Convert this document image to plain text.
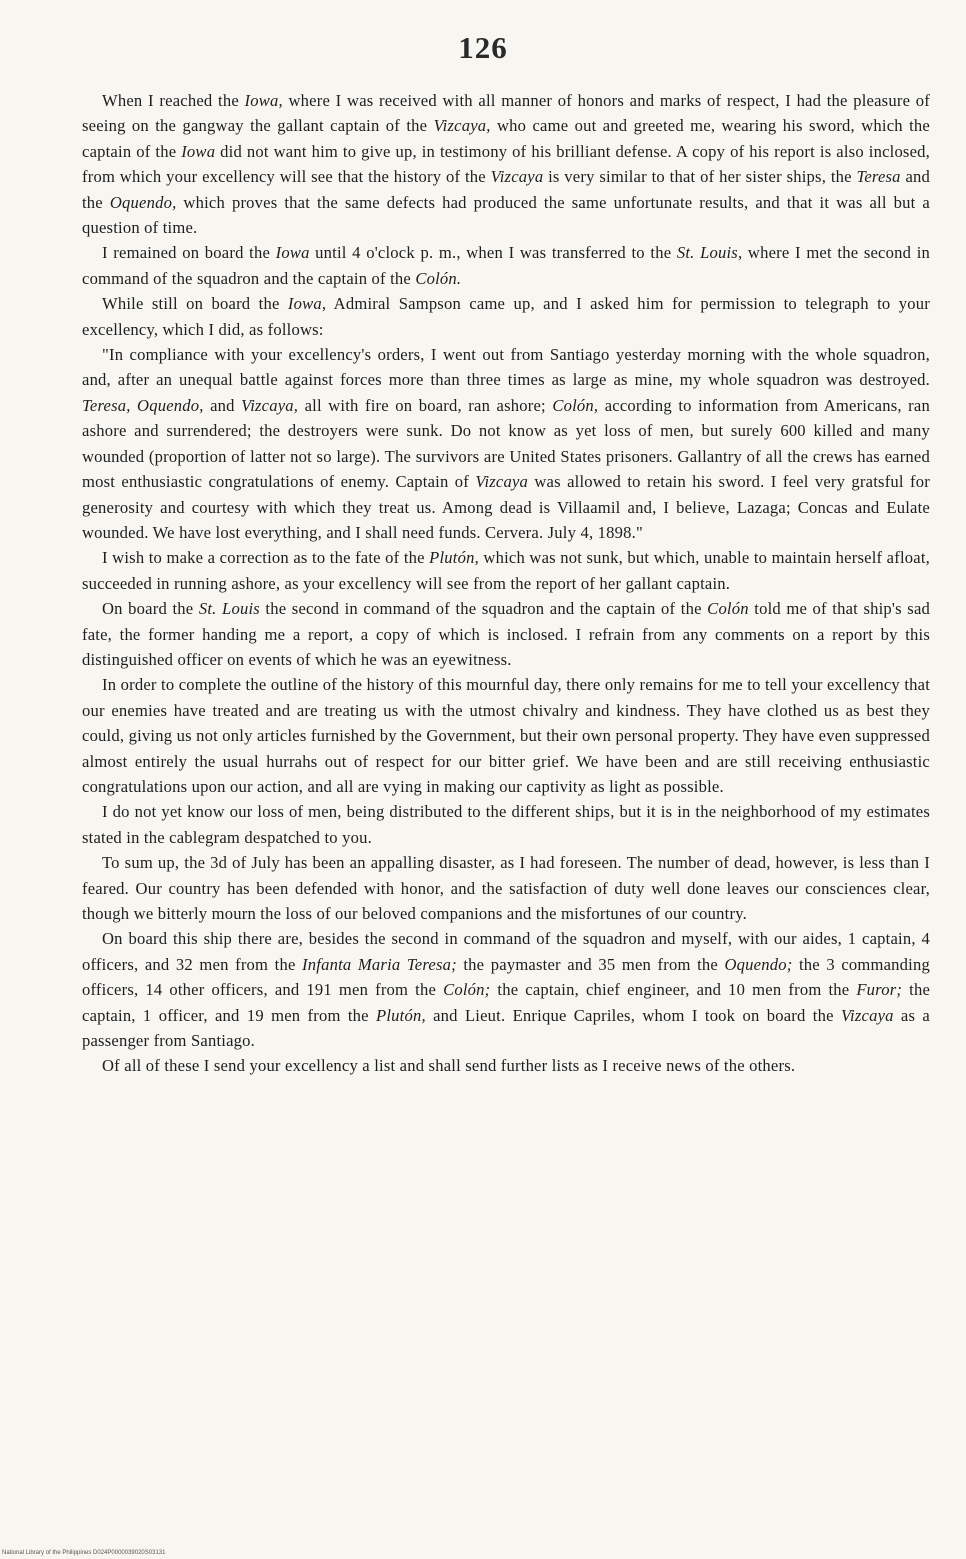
126

When I reached the Iowa, where I was received with all manner of honors and marks of respect, I had the pleasure of seeing on the gangway the gallant captain of the Vizcaya, who came out and greeted me, wearing his sword, which the captain of the Iowa did not want him to give up, in testimony of his brilliant defense. A copy of his report is also inclosed, from which your excellency will see that the history of the Vizcaya is very similar to that of her sister ships, the Teresa and the Oquendo, which proves that the same defects had produced the same unfortunate results, and that it was all but a question of time.

I remained on board the Iowa until 4 o'clock p. m., when I was transferred to the St. Louis, where I met the second in command of the squadron and the captain of the Colón.

While still on board the Iowa, Admiral Sampson came up, and I asked him for permission to telegraph to your excellency, which I did, as follows:

"In compliance with your excellency's orders, I went out from Santiago yesterday morning with the whole squadron, and, after an unequal battle against forces more than three times as large as mine, my whole squadron was destroyed. Teresa, Oquendo, and Vizcaya, all with fire on board, ran ashore; Colón, according to information from Americans, ran ashore and surrendered; the destroyers were sunk. Do not know as yet loss of men, but surely 600 killed and many wounded (proportion of latter not so large). The survivors are United States prisoners. Gallantry of all the crews has earned most enthusiastic congratulations of enemy. Captain of Vizcaya was allowed to retain his sword. I feel very gratsful for generosity and courtesy with which they treat us. Among dead is Villaamil and, I believe, Lazaga; Concas and Eulate wounded. We have lost everything, and I shall need funds. Cervera. July 4, 1898."

I wish to make a correction as to the fate of the Plutón, which was not sunk, but which, unable to maintain herself afloat, succeeded in running ashore, as your excellency will see from the report of her gallant captain.

On board the St. Louis the second in command of the squadron and the captain of the Colón told me of that ship's sad fate, the former handing me a report, a copy of which is inclosed. I refrain from any comments on a report by this distinguished officer on events of which he was an eyewitness.

In order to complete the outline of the history of this mournful day, there only remains for me to tell your excellency that our enemies have treated and are treating us with the utmost chivalry and kindness. They have clothed us as best they could, giving us not only articles furnished by the Government, but their own personal property. They have even suppressed almost entirely the usual hurrahs out of respect for our bitter grief. We have been and are still receiving enthusiastic congratulations upon our action, and all are vying in making our captivity as light as possible.

I do not yet know our loss of men, being distributed to the different ships, but it is in the neighborhood of my estimates stated in the cablegram despatched to you.

To sum up, the 3d of July has been an appalling disaster, as I had foreseen. The number of dead, however, is less than I feared. Our country has been defended with honor, and the satisfaction of duty well done leaves our consciences clear, though we bitterly mourn the loss of our beloved companions and the misfortunes of our country.

On board this ship there are, besides the second in command of the squadron and myself, with our aides, 1 captain, 4 officers, and 32 men from the Infanta Maria Teresa; the paymaster and 35 men from the Oquendo; the 3 commanding officers, 14 other officers, and 191 men from the Colón; the captain, chief engineer, and 10 men from the Furor; the captain, 1 officer, and 19 men from the Plutón, and Lieut. Enrique Capriles, whom I took on board the Vizcaya as a passenger from Santiago.

Of all of these I send your excellency a list and shall send further lists as I receive news of the others.

National Library of the Philippines D024P0000039020S03131
